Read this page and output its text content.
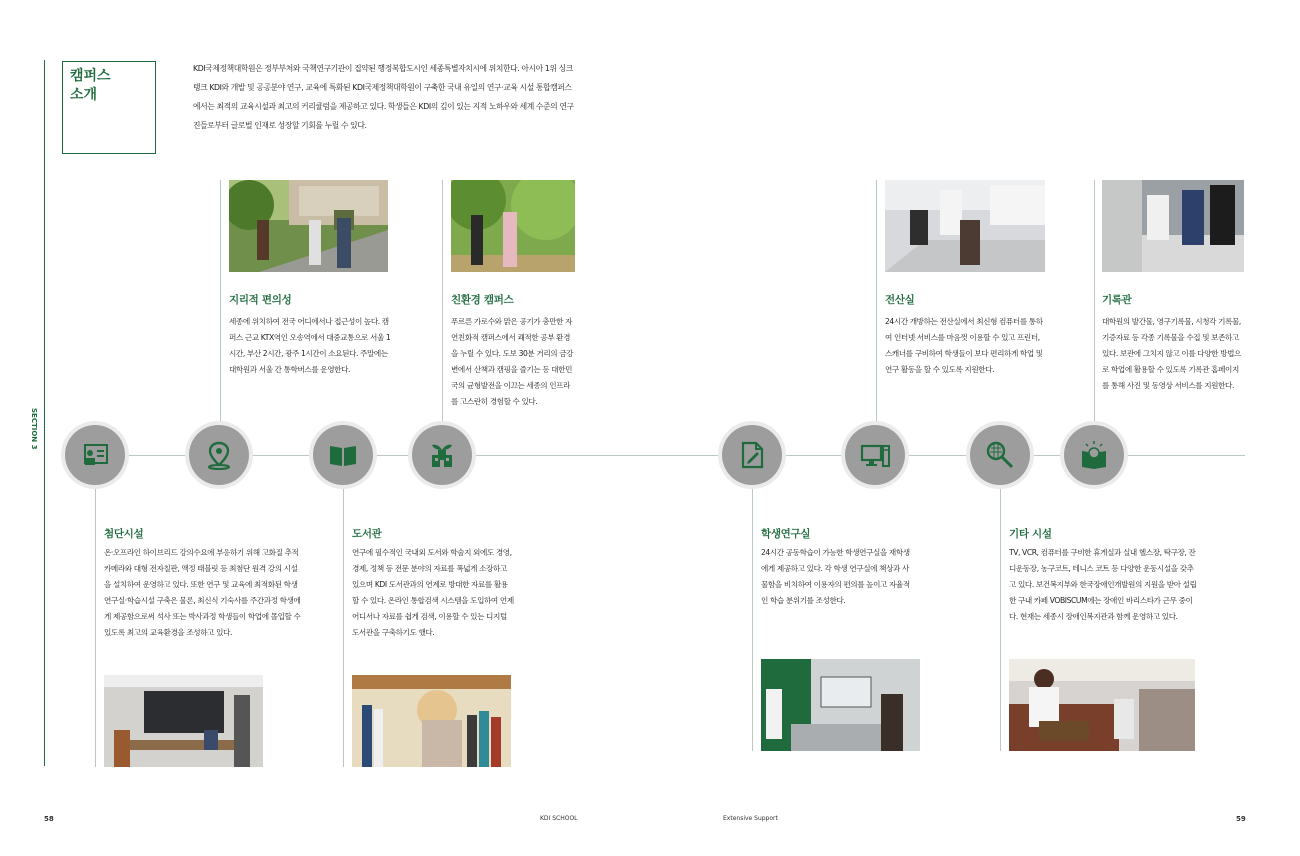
SECTION 3
캠퍼스
소개
KDI국제정책대학원은 정부부처와 국책연구기관이 집약된 행정복합도시인 세종특별자치시에 위치한다. 아시아 1위 싱크탱크 KDI와 개발 및 공공분야 연구, 교육에 특화된 KDI국제정책대학원이 구축한 국내 유일의 연구·교육 시설 통합캠퍼스에서는 최적의 교육시설과 최고의 커리큘럼을 제공하고 있다. 학생들은 KDI의 깊이 있는 지적 노하우와 세계 수준의 연구진들로부터 글로벌 인재로 성장할 기회를 누릴 수 있다.
지리적 편의성
세종에 위치하여 전국 어디에서나 접근성이 높다. 캠퍼스 근교 KTX역인 오송역에서 대중교통으로 서울 1시간, 부산 2시간, 광주 1시간이 소요된다. 주말에는 대학원과 서울 간 통학버스를 운영한다.
친환경 캠퍼스
푸르른 가로수와 맑은 공기가 충만한 자연친화적 캠퍼스에서 쾌적한 공부 환경을 누릴 수 있다. 도보 30분 거리의 금강변에서 산책과 캠핑을 즐기는 등 대한민국의 균형발전을 이끄는 세종의 인프라를 고스란히 경험할 수 있다.
전산실
24시간 개방하는 전산실에서 최신형 컴퓨터를 통하여 인터넷 서비스를 마음껏 이용할 수 있고 프린터, 스캐너를 구비하여 학생들이 보다 편리하게 학업 및 연구 활동을 할 수 있도록 지원한다.
기록관
대학원의 발간물, 영구기록물, 시청각 기록물, 기증자료 등 각종 기록물을 수집 및 보존하고 있다. 보관에 그치지 않고 이를 다양한 방법으로 학업에 활용할 수 있도록 기록관 홈페이지를 통해 사진 및 동영상 서비스를 지원한다.
첨단시설
온·오프라인 하이브리드 강의수요에 부응하기 위해 고화질 추적카메라와 대형 전자칠판, 액정 태블릿 등 최첨단 원격 강의 시설을 설치하여 운영하고 있다. 또한 연구 및 교육에 최적화된 학생연구실·학습시설 구축은 물론, 최신식 기숙사를 주간과정 학생에게 제공함으로써 석사 또는 박사과정 학생들이 학업에 몰입할 수 있도록 최고의 교육환경을 조성하고 있다.
도서관
연구에 필수적인 국내외 도서와 학술지 외에도 경영, 경제, 정책 등 전문 분야의 자료를 폭넓게 소장하고 있으며 KDI 도서관과의 연계로 방대한 자료를 활용할 수 있다. 온라인 통합검색 시스템을 도입하여 언제 어디서나 자료를 쉽게 검색, 이용할 수 있는 디지털 도서관을 구축하기도 했다.
학생연구실
24시간 공동학습이 가능한 학생연구실을 재학생에게 제공하고 있다. 각 학생 연구실에 책상과 사물함을 비치하여 이용자의 편의를 높이고 자율적인 학습 분위기를 조성한다.
기타 시설
TV, VCR, 컴퓨터를 구비한 휴게실과 실내 헬스장, 탁구장, 잔디운동장, 농구코트, 테니스 코트 등 다양한 운동시설을 갖추고 있다. 보건복지부와 한국장애인개발원의 지원을 받아 설립한 구내 카페 VOBISCUM에는 장애인 바리스타가 근무 중이다. 현재는 세종시 장애인복지관과 함께 운영하고 있다.
58	KDI SCHOOL	Extensive Support	59
